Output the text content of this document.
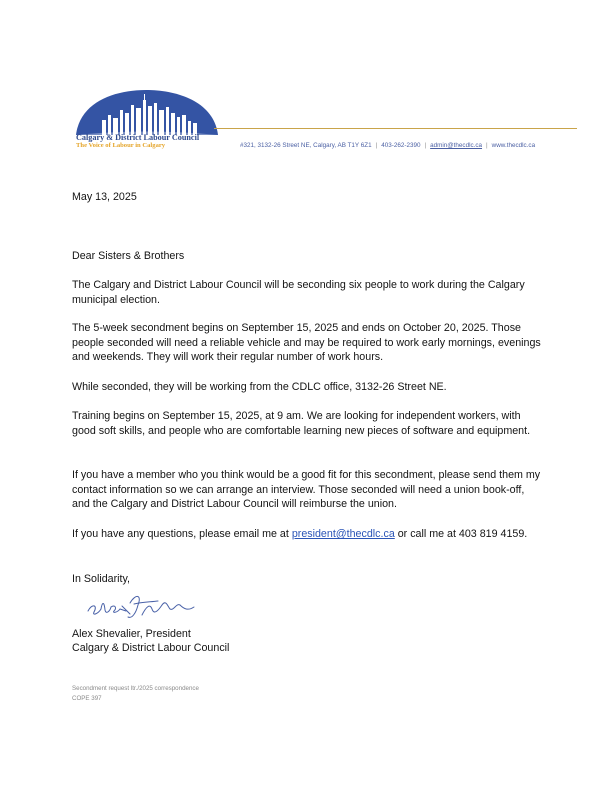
Calgary & District Labour Council
The Voice of Labour in Calgary	#321, 3132-26 Street NE, Calgary, AB T1Y 6Z1 | 403-262-2390 | admin@thecdlc.ca | www.thecdlc.ca
May 13, 2025
Dear Sisters & Brothers
The Calgary and District Labour Council will be seconding six people to work during the Calgary municipal election.
The 5-week secondment begins on September 15, 2025 and ends on October 20, 2025. Those people seconded will need a reliable vehicle and may be required to work early mornings, evenings and weekends. They will work their regular number of work hours.
While seconded, they will be working from the CDLC office, 3132-26 Street NE.
Training begins on September 15, 2025, at 9 am. We are looking for independent workers, with good soft skills, and people who are comfortable learning new pieces of software and equipment.
If you have a member who you think would be a good fit for this secondment, please send them my contact information so we can arrange an interview. Those seconded will need a union book-off, and the Calgary and District Labour Council will reimburse the union.
If you have any questions, please email me at president@thecdlc.ca or call me at 403 819 4159.
In Solidarity,
Alex Shevalier, President
Calgary & District Labour Council
Secondment request ltr./2025 correspondence
COPE 397
